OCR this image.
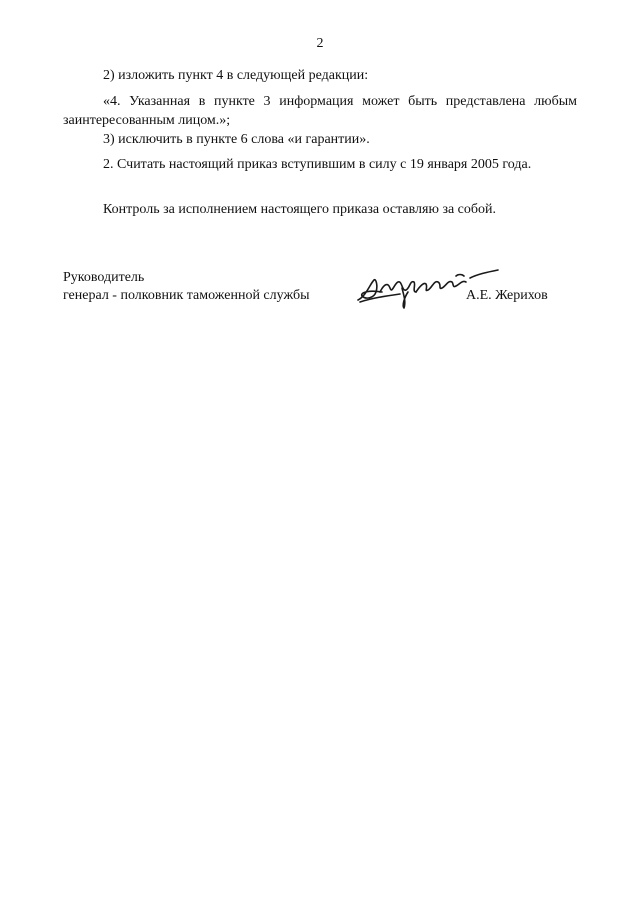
2

2) изложить пункт 4 в следующей редакции:

«4. Указанная в пункте 3 информация может быть представлена любым заинтересованным лицом.»;

3) исключить в пункте 6 слова «и гарантии».

2. Считать настоящий приказ вступившим в силу с 19 января 2005 года.

Контроль за исполнением настоящего приказа оставляю за собой.

Руководитель
генерал - полковник таможенной службы	А.Е. Жерихов
